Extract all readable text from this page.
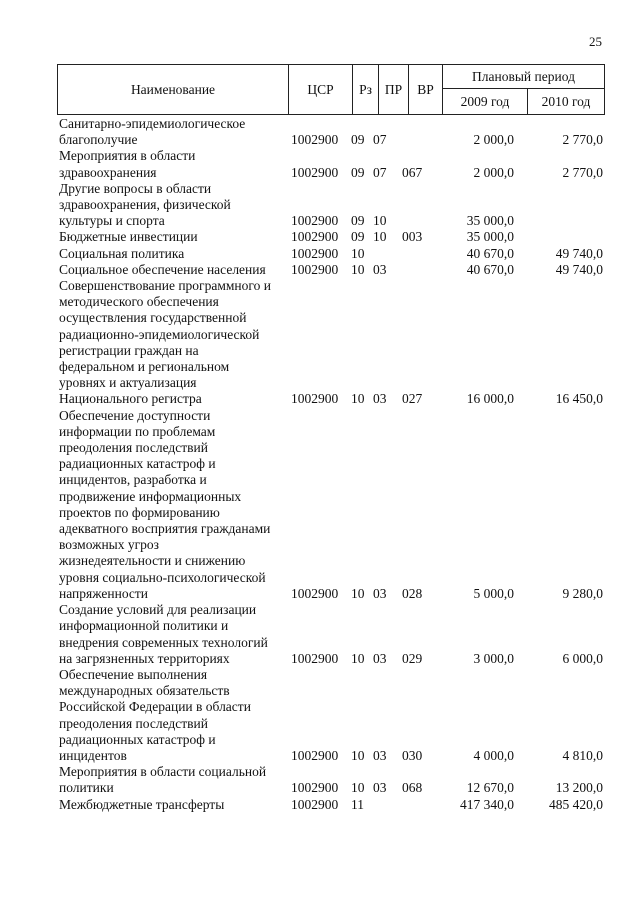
25
Наименование	ЦСР	Рз ПР	ВР
Плановый период
2009 год	2010 год
Санитарно-эпидемиологическое
благополучие	1002900 09 07	2 000,0	2 770,0
Мероприятия в области
здравоохранения	1002900 09 07 067	2 000,0	2 770,0
Другие вопросы в области
здравоохранения, физической
культуры и спорта	1002900 09 10	35 000,0
Бюджетные инвестиции	1002900 09 10 003	35 000,0
Социальная политика	1002900 10	40 670,0	49 740,0
Социальное обеспечение населения	1002900 10 03	40 670,0	49 740,0
Совершенствование программного и
методического обеспечения
осуществления государственной
радиационно-эпидемиологической
регистрации граждан на
федеральном и региональном
уровнях и актуализация
Национального регистра	1002900 10 03 027	16 000,0	16 450,0
Обеспечение доступности
информации по проблемам
преодоления последствий
радиационных катастроф и
инцидентов, разработка и
продвижение информационных
проектов по формированию
адекватного восприятия гражданами
возможных угроз
жизнедеятельности и снижению
уровня социально-психологической
напряженности	1002900 10 03 028	5 000,0	9 280,0
Создание условий для реализации
информационной политики и
внедрения современных технологий
на загрязненных территориях	1002900 10 03 029	3 000,0	6 000,0
Обеспечение выполнения
международных обязательств
Российской Федерации в области
преодоления последствий
радиационных катастроф и
инцидентов	1002900 10 03 030	4 000,0	4 810,0
Мероприятия в области социальной
политики	1002900 10 03 068	12 670,0	13 200,0
Межбюджетные трансферты	1002900 11	417 340,0	485 420,0
